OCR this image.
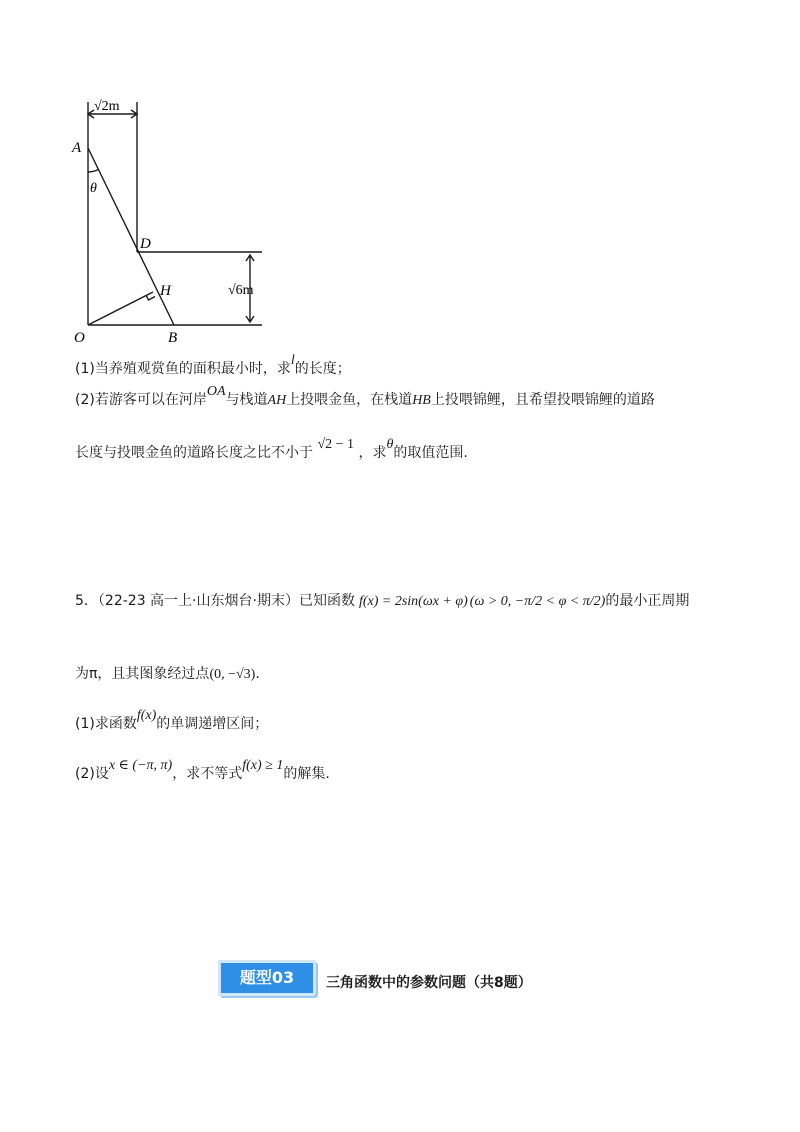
√2m
A
θ
D
H	√6m
O	B
(1)当养殖观赏鱼的面积最小时，求l的长度；
(2)若游客可以在河岸OA与栈道AH上投喂金鱼，在栈道HB上投喂锦鲤，且希望投喂锦鲤的道路
长度与投喂金鱼的道路长度之比不小于 √2 − 1 ，求θ的取值范围.
5．（22-23 高一上·山东烟台·期末）已知函数 f(x) = 2sin(ωx + φ) (ω > 0, −π/2 < φ < π/2)的最小正周期
为π，且其图象经过点(0, −√3).
(1)求函数f(x)的单调递增区间；
(2)设x ∈ (−π, π)，求不等式f(x) ≥ 1的解集.
题型03	三角函数中的参数问题（共8题）
